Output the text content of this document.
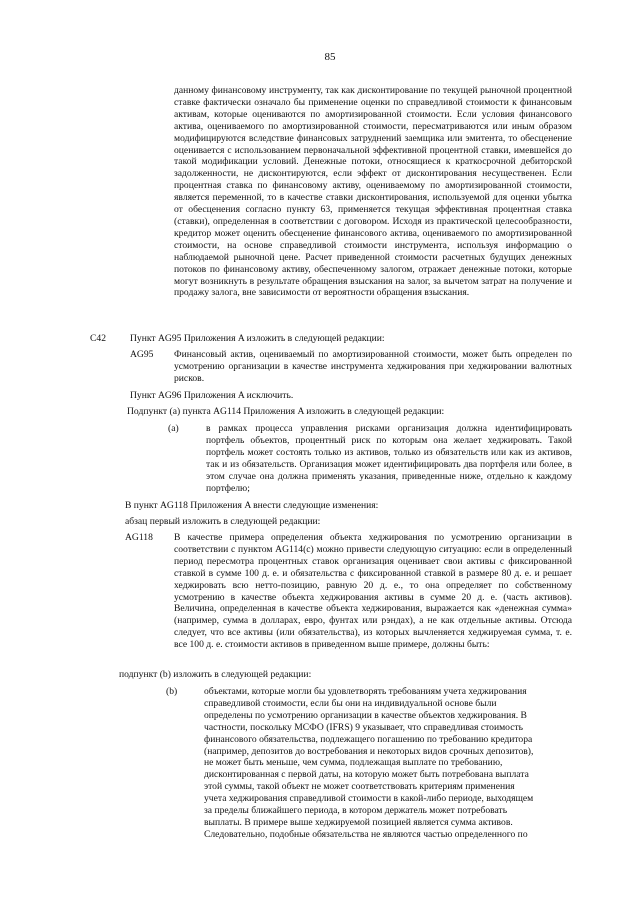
85
данному финансовому инструменту, так как дисконтирование по текущей рыночной процентной ставке фактически означало бы применение оценки по справедливой стоимости к финансовым активам, которые оцениваются по амортизированной стоимости. Если условия финансового актива, оцениваемого по амортизированной стоимости, пересматриваются или иным образом модифицируются вследствие финансовых затруднений заемщика или эмитента, то обесценение оценивается с использованием первоначальной эффективной процентной ставки, имевшейся до такой модификации условий. Денежные потоки, относящиеся к краткосрочной дебиторской задолженности, не дисконтируются, если эффект от дисконтирования несущественен. Если процентная ставка по финансовому активу, оцениваемому по амортизированной стоимости, является переменной, то в качестве ставки дисконтирования, используемой для оценки убытка от обесценения согласно пункту 63, применяется текущая эффективная процентная ставка (ставки), определенная в соответствии с договором. Исходя из практической целесообразности, кредитор может оценить обесценение финансового актива, оцениваемого по амортизированной стоимости, на основе справедливой стоимости инструмента, используя информацию о наблюдаемой рыночной цене. Расчет приведенной стоимости расчетных будущих денежных потоков по финансовому активу, обеспеченному залогом, отражает денежные потоки, которые могут возникнуть в результате обращения взыскания на залог, за вычетом затрат на получение и продажу залога, вне зависимости от вероятности обращения взыскания.
C42	Пункт AG95 Приложения A изложить в следующей редакции:
AG95 Финансовый актив, оцениваемый по амортизированной стоимости, может быть определен по усмотрению организации в качестве инструмента хеджирования при хеджировании валютных рисков.
Пункт AG96 Приложения A исключить.
Подпункт (a) пункта AG114 Приложения A изложить в следующей редакции:
(a)	в рамках процесса управления рисками организация должна идентифицировать портфель объектов, процентный риск по которым она желает хеджировать. Такой портфель может состоять только из активов, только из обязательств или как из активов, так и из обязательств. Организация может идентифицировать два портфеля или более, в этом случае она должна применять указания, приведенные ниже, отдельно к каждому портфелю;
В пункт AG118 Приложения A внести следующие изменения:
абзац первый изложить в следующей редакции:
AG118 В качестве примера определения объекта хеджирования по усмотрению организации в соответствии с пунктом AG114(c) можно привести следующую ситуацию: если в определенный период пересмотра процентных ставок организация оценивает свои активы с фиксированной ставкой в сумме 100 д. е. и обязательства с фиксированной ставкой в размере 80 д. е. и решает хеджировать всю нетто-позицию, равную 20 д. е., то она определяет по собственному усмотрению в качестве объекта хеджирования активы в сумме 20 д. е. (часть активов). Величина, определенная в качестве объекта хеджирования, выражается как «денежная сумма» (например, сумма в долларах, евро, фунтах или рэндах), а не как отдельные активы. Отсюда следует, что все активы (или обязательства), из которых вычленяется хеджируемая сумма, т. е. все 100 д. е. стоимости активов в приведенном выше примере, должны быть:
подпункт (b) изложить в следующей редакции:
(b)	объектами, которые могли бы удовлетворять требованиям учета хеджирования
справедливой стоимости, если бы они на индивидуальной основе были
определены по усмотрению организации в качестве объектов хеджирования. В
частности, поскольку МСФО (IFRS) 9 указывает, что справедливая стоимость
финансового обязательства, подлежащего погашению по требованию кредитора
(например, депозитов до востребования и некоторых видов срочных депозитов),
не может быть меньше, чем сумма, подлежащая выплате по требованию,
дисконтированная с первой даты, на которую может быть потребована выплата
этой суммы, такой объект не может соответствовать критериям применения
учета хеджирования справедливой стоимости в какой-либо периоде, выходящем
за пределы ближайшего периода, в котором держатель может потребовать
выплаты. В примере выше хеджируемой позицией является сумма активов.
Следовательно, подобные обязательства не являются частью определенного по
